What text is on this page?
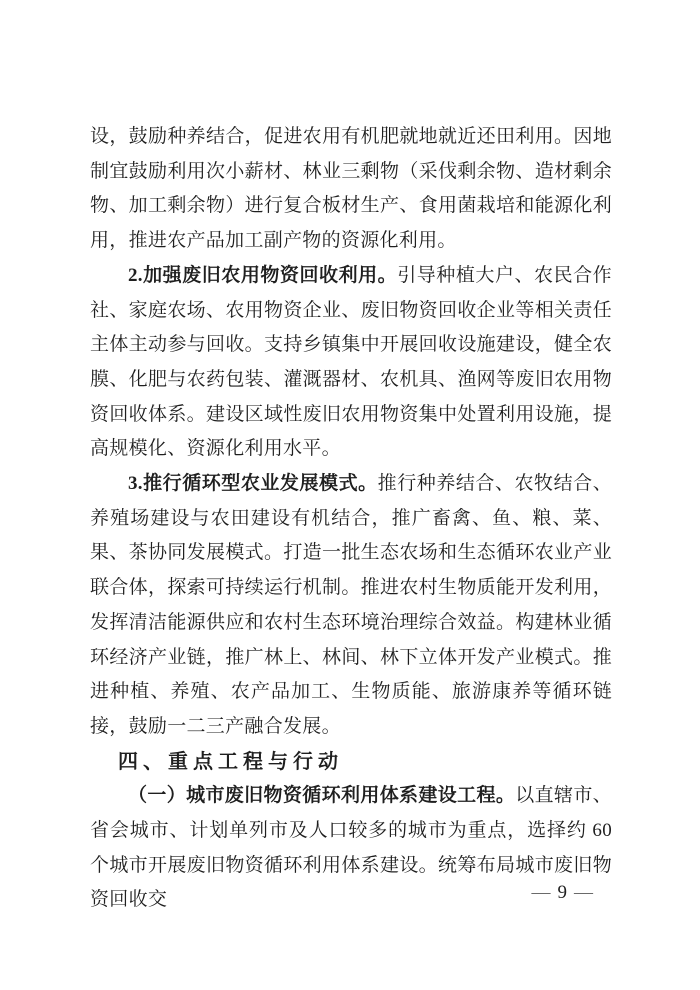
设，鼓励种养结合，促进农用有机肥就地就近还田利用。因地制宜鼓励利用次小薪材、林业三剩物（采伐剩余物、造材剩余物、加工剩余物）进行复合板材生产、食用菌栽培和能源化利用，推进农产品加工副产物的资源化利用。

2.加强废旧农用物资回收利用。引导种植大户、农民合作社、家庭农场、农用物资企业、废旧物资回收企业等相关责任主体主动参与回收。支持乡镇集中开展回收设施建设，健全农膜、化肥与农药包装、灌溉器材、农机具、渔网等废旧农用物资回收体系。建设区域性废旧农用物资集中处置利用设施，提高规模化、资源化利用水平。

3.推行循环型农业发展模式。推行种养结合、农牧结合、养殖场建设与农田建设有机结合，推广畜禽、鱼、粮、菜、果、茶协同发展模式。打造一批生态农场和生态循环农业产业联合体，探索可持续运行机制。推进农村生物质能开发利用，发挥清洁能源供应和农村生态环境治理综合效益。构建林业循环经济产业链，推广林上、林间、林下立体开发产业模式。推进种植、养殖、农产品加工、生物质能、旅游康养等循环链接，鼓励一二三产融合发展。

四、重点工程与行动

（一）城市废旧物资循环利用体系建设工程。以直辖市、省会城市、计划单列市及人口较多的城市为重点，选择约 60 个城市开展废旧物资循环利用体系建设。统筹布局城市废旧物资回收交	— 9 —
